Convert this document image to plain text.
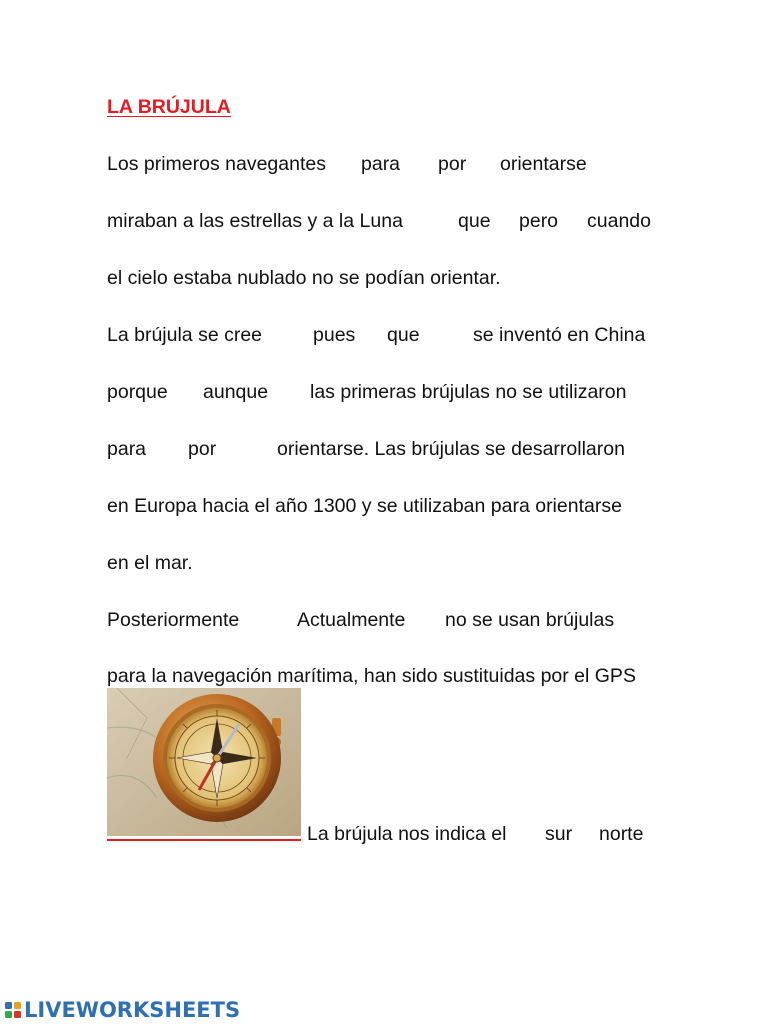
LA BRÚJULA
Los primeros navegantes para por orientarse
miraban a las estrellas y a la Luna	que pero cuando
el cielo estaba nublado no se podían orientar.
La brújula se cree	pues que	se inventó en China
porque aunque las primeras brújulas no se utilizaron
para por	orientarse. Las brújulas se desarrollaron
en Europa hacia el año 1300 y se utilizaban para orientarse
en el mar.
Posteriormente	Actualmente no se usan brújulas
para la navegación marítima, han sido sustituidas por el GPS
La brújula nos indica el sur norte
LIVEWORKSHEETS
